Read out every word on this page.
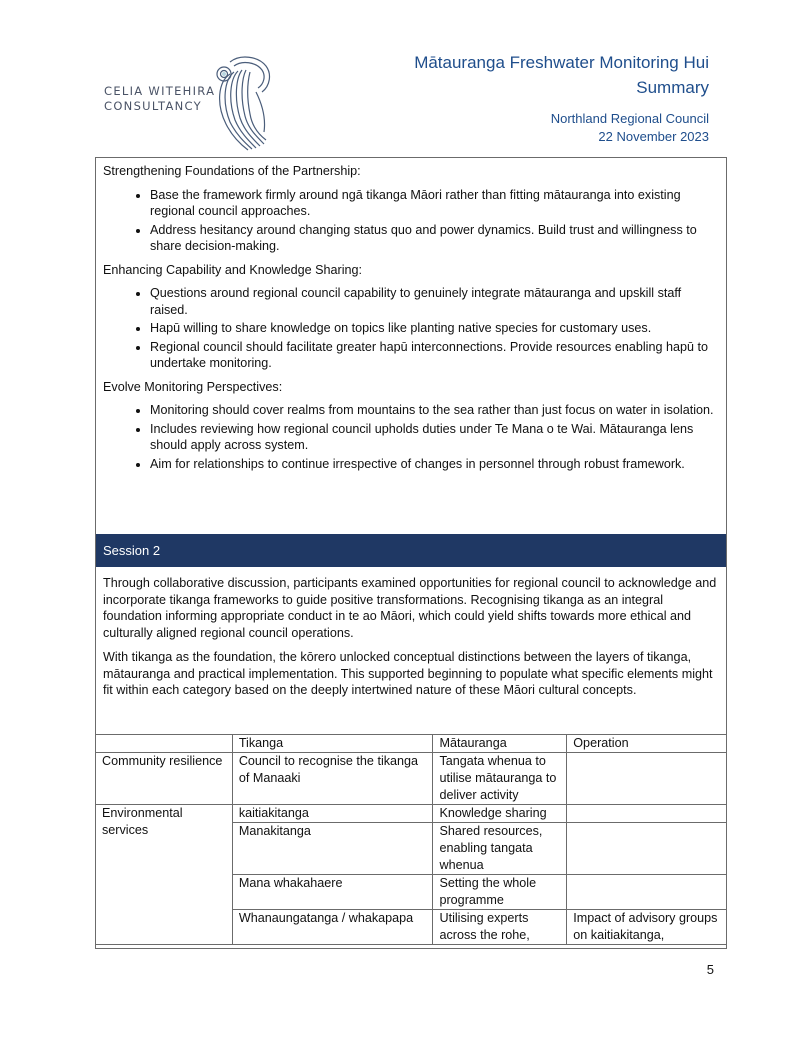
CELIA WITEHIRA
CONSULTANCY
Mātauranga Freshwater Monitoring Hui
Summary
Northland Regional Council
22 November 2023

Strengthening Foundations of the Partnership:

• Base the framework firmly around ngā tikanga Māori rather than fitting mātauranga into existing regional council approaches.
• Address hesitancy around changing status quo and power dynamics. Build trust and willingness to share decision-making.

Enhancing Capability and Knowledge Sharing:

• Questions around regional council capability to genuinely integrate mātauranga and upskill staff raised.
• Hapū willing to share knowledge on topics like planting native species for customary uses.
• Regional council should facilitate greater hapū interconnections. Provide resources enabling hapū to undertake monitoring.

Evolve Monitoring Perspectives:

• Monitoring should cover realms from mountains to the sea rather than just focus on water in isolation.
• Includes reviewing how regional council upholds duties under Te Mana o te Wai. Mātauranga lens should apply across system.
• Aim for relationships to continue irrespective of changes in personnel through robust framework.
Session 2

Through collaborative discussion, participants examined opportunities for regional council to acknowledge and incorporate tikanga frameworks to guide positive transformations. Recognising tikanga as an integral foundation informing appropriate conduct in te ao Māori, which could yield shifts towards more ethical and culturally aligned regional council operations.

With tikanga as the foundation, the kōrero unlocked conceptual distinctions between the layers of tikanga, mātauranga and practical implementation. This supported beginning to populate what specific elements might fit within each category based on the deeply intertwined nature of these Māori cultural concepts.

	Tikanga	Mātauranga	Operation
Community resilience	Council to recognise the tikanga of Manaaki	Tangata whenua to utilise mātauranga to deliver activity	
Environmental services	kaitiakitanga	Knowledge sharing	
	Manakitanga	Shared resources, enabling tangata whenua	
	Mana whakahaere	Setting the whole programme	
	Whanaungatanga / whakapapa	Utilising experts across the rohe,	Impact of advisory groups on kaitiakitanga,
5
